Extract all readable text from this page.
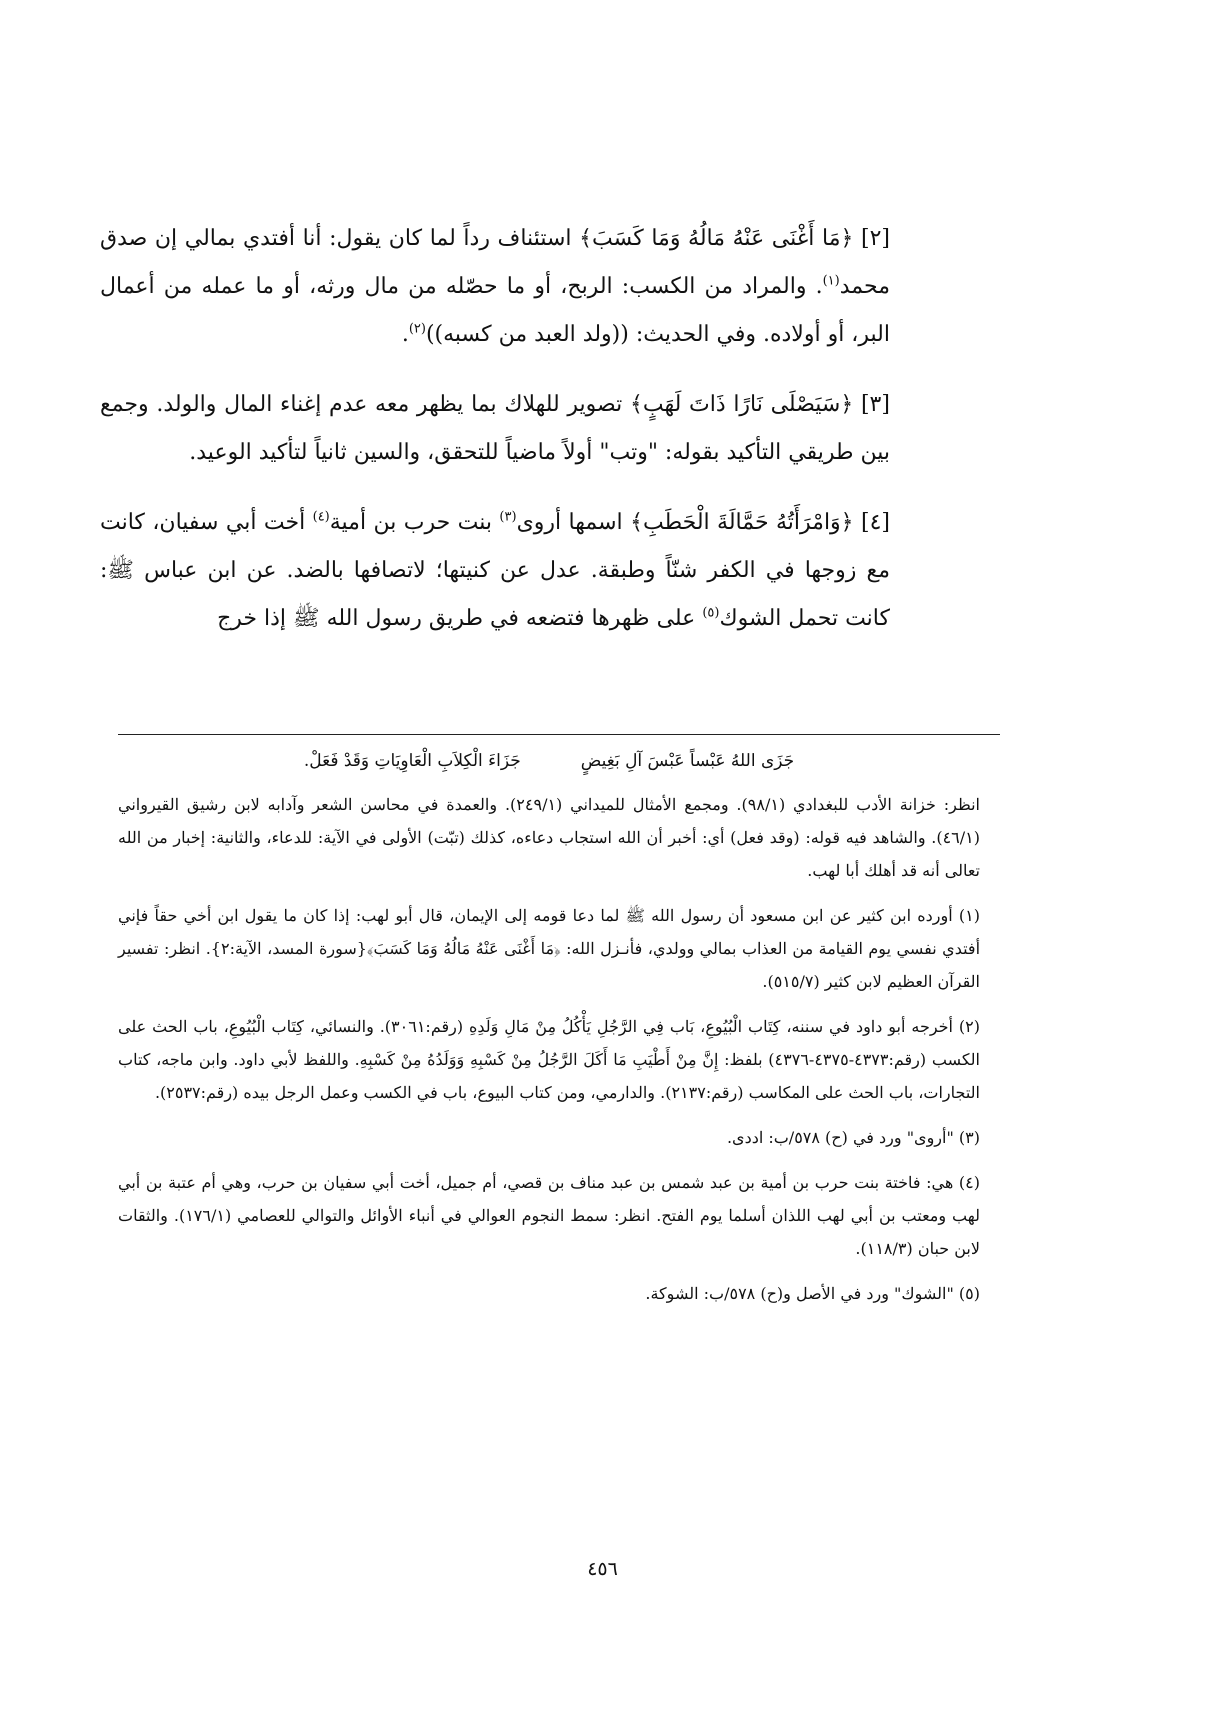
[٢] ﴿مَا أَغْنَى عَنْهُ مَالُهُ وَمَا كَسَبَ﴾ استئناف رداً لما كان يقول: أنا أفتدي بمالي إن صدق محمد$^{(١)}$. والمراد من الكسب: الربح، أو ما حصّله من مال ورثه، أو ما عمله من أعمال البر، أو أولاده. وفي الحديث: ((ولد العبد من كسبه))$^{(٢)}$.

[٣] ﴿سَيَصْلَى نَارًا ذَاتَ لَهَبٍ﴾ تصوير للهلاك بما يظهر معه عدم إغناء المال والولد. وجمع بين طريقي التأكيد بقوله: "وتب" أولاً ماضياً للتحقق، والسين ثانياً لتأكيد الوعيد.

[٤] ﴿وَامْرَأَتُهُ حَمَّالَةَ الْحَطَبِ﴾ اسمها أروى$^{(٣)}$ بنت حرب بن أمية$^{(٤)}$ أخت أبي سفيان، كانت مع زوجها في الكفر شنّاً وطبقة. عدل عن كنيتها؛ لاتصافها بالضد. عن ابن عباس ﷺ: كانت تحمل الشوك$^{(٥)}$ على ظهرها فتضعه في طريق رسول الله ﷺ إذا خرج

جَزَى اللهُ عَبْساً عَبْسَ آلِ بَغِيضٍ
جَزَاءَ الْكِلاَبِ الْعَاوِيَاتِ وَقَدْ فَعَلْ.

انظر: خزانة الأدب للبغدادي (٩٨/١). ومجمع الأمثال للميداني (٢٤٩/١). والعمدة في محاسن الشعر وآدابه لابن رشيق القيرواني (٤٦/١). والشاهد فيه قوله: (وقد فعل) أي: أخبر أن الله استجاب دعاءه، كذلك (تبّت) الأولى في الآية: للدعاء، والثانية: إخبار من الله تعالى أنه قد أهلك أبا لهب.

(١) أورده ابن كثير عن ابن مسعود أن رسول الله ﷺ لما دعا قومه إلى الإيمان، قال أبو لهب: إذا كان ما يقول ابن أخي حقاً فإني أفتدي نفسي يوم القيامة من العذاب بمالي وولدي، فأنـزل الله: ﴿مَا أَغْنَى عَنْهُ مَالُهُ وَمَا كَسَبَ﴾{سورة المسد، الآية:٢}. انظر: تفسير القرآن العظيم لابن كثير (٥١٥/٧).

(٢) أخرجه أبو داود في سننه، كِتَاب الْبُيُوعِ، بَاب فِي الرَّجُلِ يَأْكُلُ مِنْ مَالِ وَلَدِهِ (رقم:٣٠٦١). والنسائي، كِتَاب الْبُيُوعِ، باب الحث على الكسب (رقم:٤٣٧٣-٤٣٧٥-٤٣٧٦) بلفظ: إِنَّ مِنْ أَطْيَبِ مَا أَكَلَ الرَّجُلُ مِنْ كَسْبِهِ وَوَلَدُهُ مِنْ كَسْبِهِ. واللفظ لأبي داود. وابن ماجه، كتاب التجارات، باب الحث على المكاسب (رقم:٢١٣٧). والدارمي، ومن كتاب البيوع، باب في الكسب وعمل الرجل بيده (رقم:٢٥٣٧).

(٣) "أروى" ورد في (ح) ٥٧٨/ب: اددى.

(٤) هي: فاختة بنت حرب بن أمية بن عبد شمس بن عبد مناف بن قصي، أم جميل، أخت أبي سفيان بن حرب، وهي أم عتبة بن أبي لهب ومعتب بن أبي لهب اللذان أسلما يوم الفتح. انظر: سمط النجوم العوالي في أنباء الأوائل والتوالي للعصامي (١٧٦/١). والثقات لابن حبان (١١٨/٣).

(٥) "الشوك" ورد في الأصل و(ح) ٥٧٨/ب: الشوكة.

٤٥٦
